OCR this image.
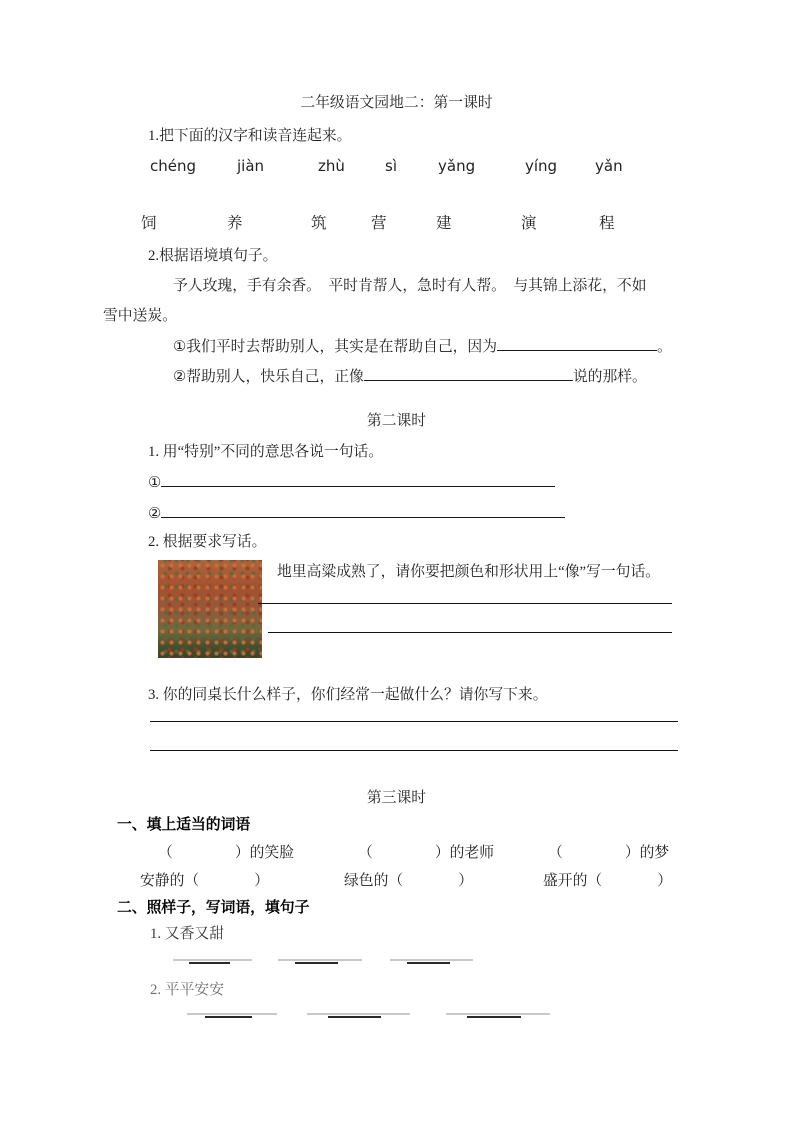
二年级语文园地二：第一课时
1.把下面的汉字和读音连起来。
chéng	jiàn	zhù	sì	yǎng	yíng	yǎn
饲	养	筑	营	建	演	程
2.根据语境填句子。
予人玫瑰，手有余香。  平时肯帮人，急时有人帮。  与其锦上添花，不如
雪中送炭。
①我们平时去帮助别人，其实是在帮助自己，因为	。
②帮助别人，快乐自己，正像	说的那样。
第二课时
1. 用“特别”不同的意思各说一句话。
①
②
2. 根据要求写话。
地里高粱成熟了，请你要把颜色和形状用上“像”写一句话。
3. 你的同桌长什么样子，你们经常一起做什么？请你写下来。
第三课时
一、填上适当的词语
（	）的笑脸	（	）的老师	（	）的梦
安静的（	）	绿色的（	）	盛开的（	）
二、照样子，写词语，填句子
1. 又香又甜
2. 平平安安
